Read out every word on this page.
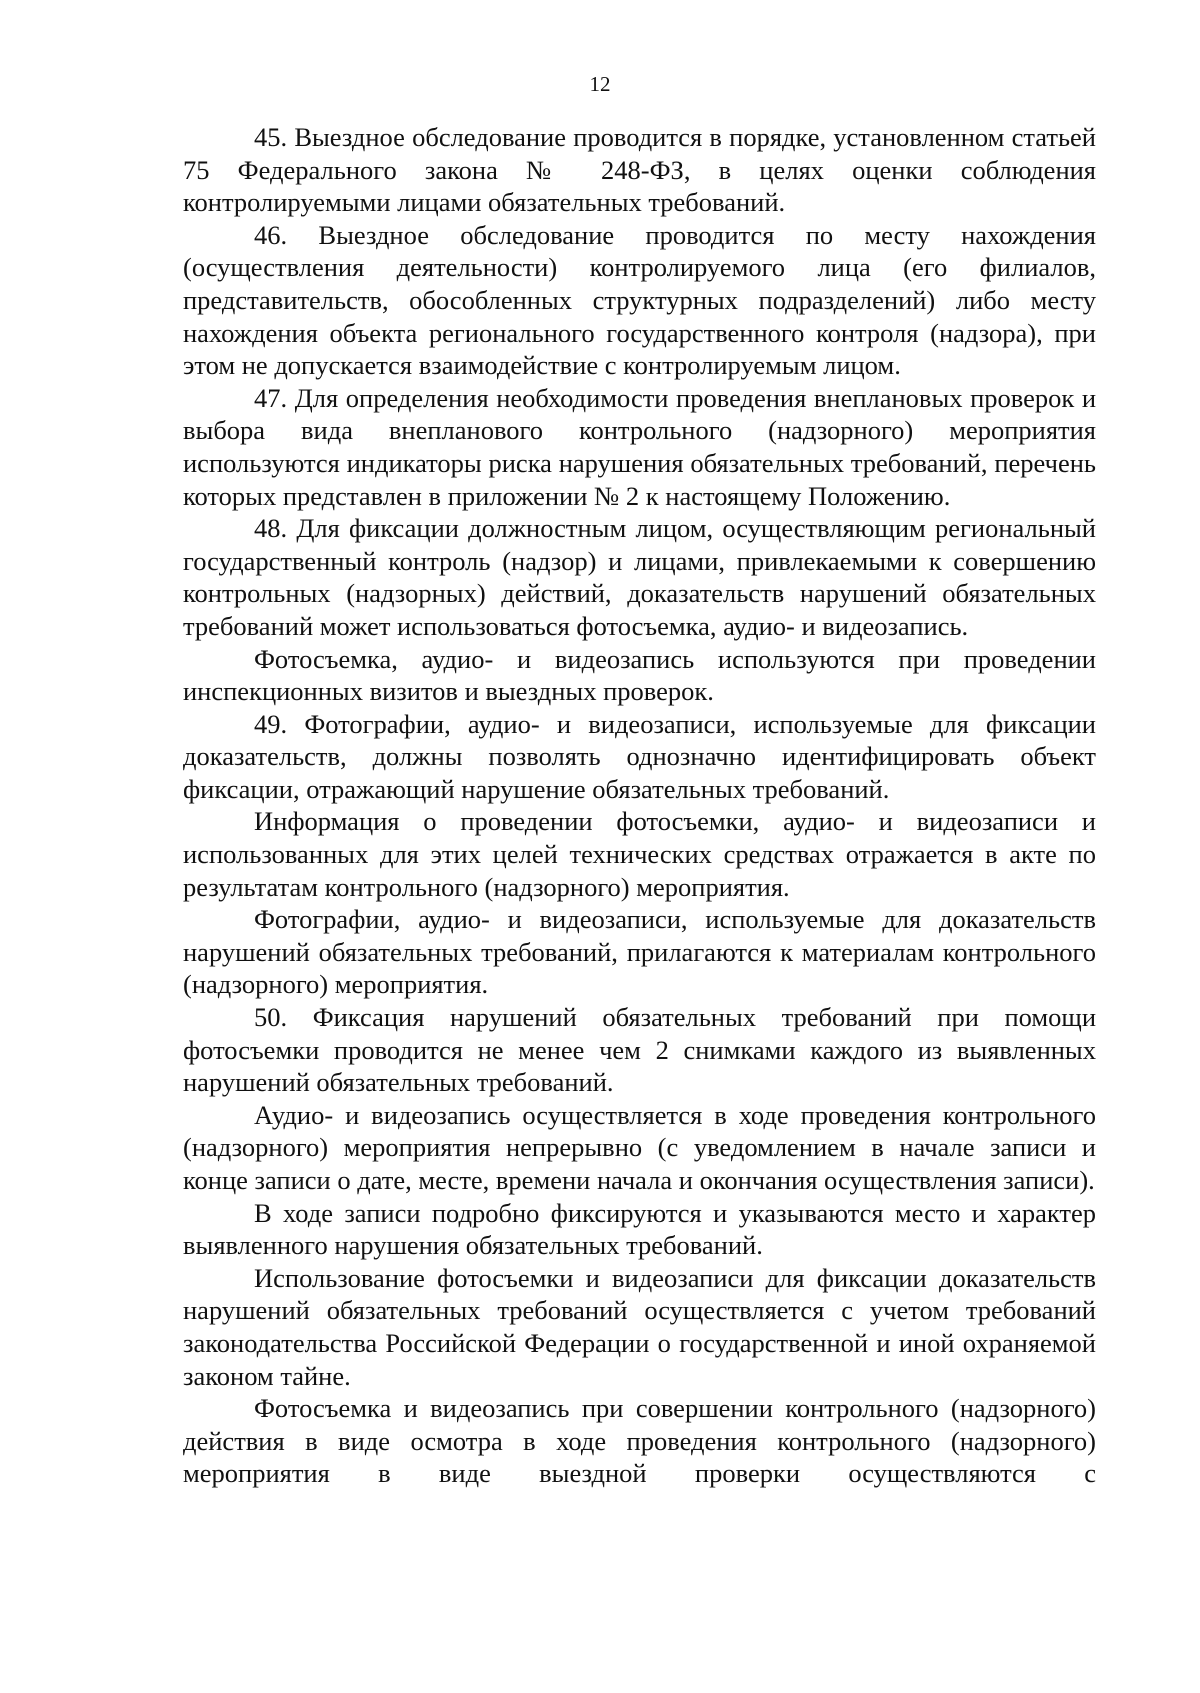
12

45. Выездное обследование проводится в порядке, установленном статьей 75 Федерального закона № 248-ФЗ, в целях оценки соблюдения контролируемыми лицами обязательных требований.

46. Выездное обследование проводится по месту нахождения (осуществления деятельности) контролируемого лица (его филиалов, представительств, обособленных структурных подразделений) либо месту нахождения объекта регионального государственного контроля (надзора), при этом не допускается взаимодействие с контролируемым лицом.

47. Для определения необходимости проведения внеплановых проверок и выбора вида внепланового контрольного (надзорного) мероприятия используются индикаторы риска нарушения обязательных требований, перечень которых представлен в приложении № 2 к настоящему Положению.

48. Для фиксации должностным лицом, осуществляющим региональный государственный контроль (надзор) и лицами, привлекаемыми к совершению контрольных (надзорных) действий, доказательств нарушений обязательных требований может использоваться фотосъемка, аудио- и видеозапись.

Фотосъемка, аудио- и видеозапись используются при проведении инспекционных визитов и выездных проверок.

49. Фотографии, аудио- и видеозаписи, используемые для фиксации доказательств, должны позволять однозначно идентифицировать объект фиксации, отражающий нарушение обязательных требований.

Информация о проведении фотосъемки, аудио- и видеозаписи и использованных для этих целей технических средствах отражается в акте по результатам контрольного (надзорного) мероприятия.

Фотографии, аудио- и видеозаписи, используемые для доказательств нарушений обязательных требований, прилагаются к материалам контрольного (надзорного) мероприятия.

50. Фиксация нарушений обязательных требований при помощи фотосъемки проводится не менее чем 2 снимками каждого из выявленных нарушений обязательных требований.

Аудио- и видеозапись осуществляется в ходе проведения контрольного (надзорного) мероприятия непрерывно (с уведомлением в начале записи и конце записи о дате, месте, времени начала и окончания осуществления записи).

В ходе записи подробно фиксируются и указываются место и характер выявленного нарушения обязательных требований.

Использование фотосъемки и видеозаписи для фиксации доказательств нарушений обязательных требований осуществляется с учетом требований законодательства Российской Федерации о государственной и иной охраняемой законом тайне.

Фотосъемка и видеозапись при совершении контрольного (надзорного) действия в виде осмотра в ходе проведения контрольного (надзорного) мероприятия в виде выездной проверки осуществляются с
